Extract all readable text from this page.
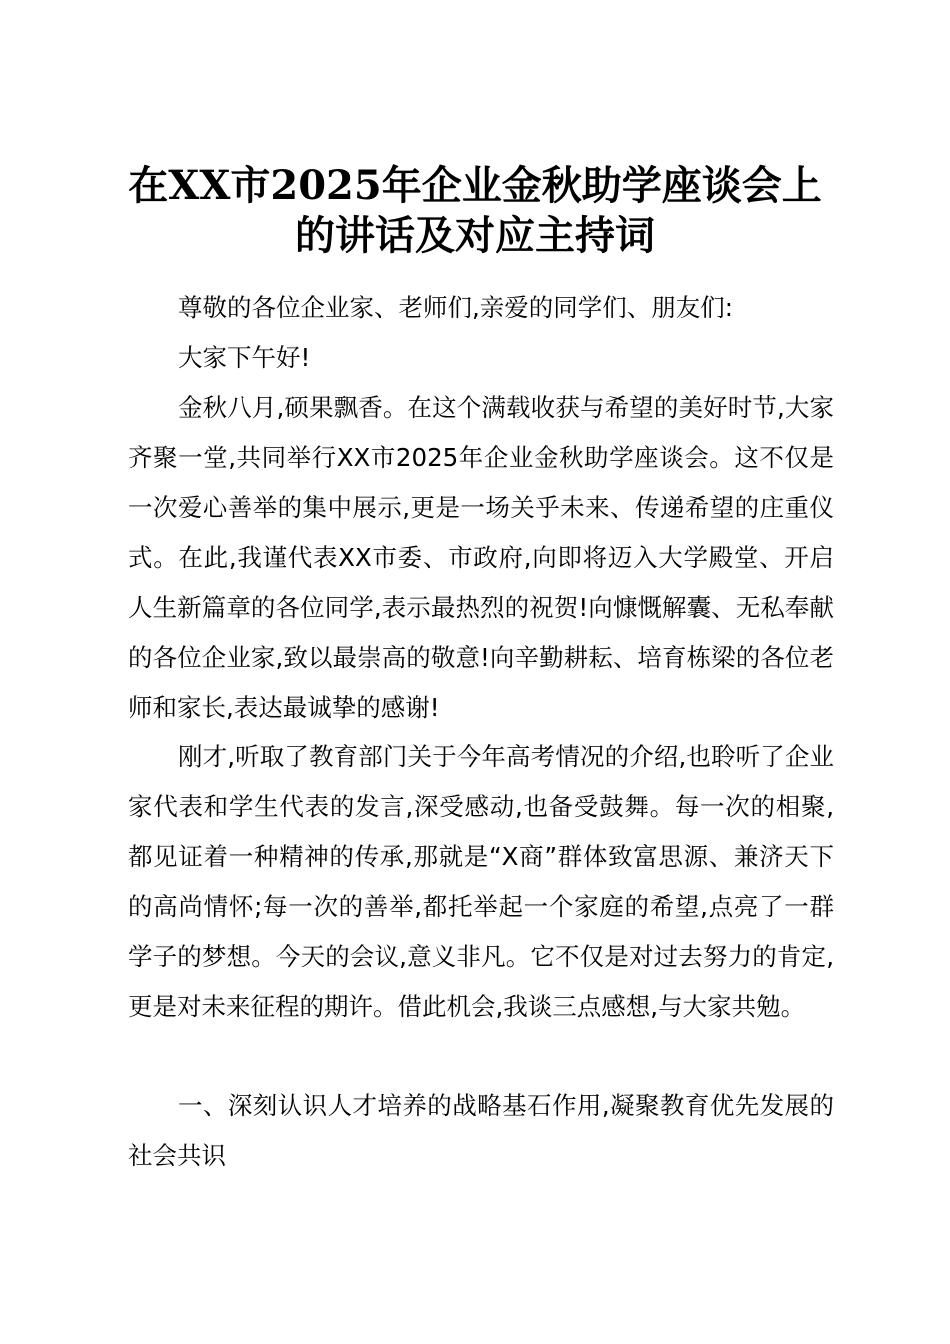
在XX市2025年企业金秋助学座谈会上
的讲话及对应主持词

尊敬的各位企业家、老师们,亲爱的同学们、朋友们:

大家下午好!

金秋八月,硕果飘香。在这个满载收获与希望的美好时节,大家齐聚一堂,共同举行XX市2025年企业金秋助学座谈会。这不仅是一次爱心善举的集中展示,更是一场关乎未来、传递希望的庄重仪式。在此,我谨代表XX市委、市政府,向即将迈入大学殿堂、开启人生新篇章的各位同学,表示最热烈的祝贺!向慷慨解囊、无私奉献的各位企业家,致以最崇高的敬意!向辛勤耕耘、培育栋梁的各位老师和家长,表达最诚挚的感谢!

刚才,听取了教育部门关于今年高考情况的介绍,也聆听了企业家代表和学生代表的发言,深受感动,也备受鼓舞。每一次的相聚,都见证着一种精神的传承,那就是“X商”群体致富思源、兼济天下的高尚情怀;每一次的善举,都托举起一个家庭的希望,点亮了一群学子的梦想。今天的会议,意义非凡。它不仅是对过去努力的肯定,更是对未来征程的期许。借此机会,我谈三点感想,与大家共勉。

一、深刻认识人才培养的战略基石作用,凝聚教育优先发展的社会共识
